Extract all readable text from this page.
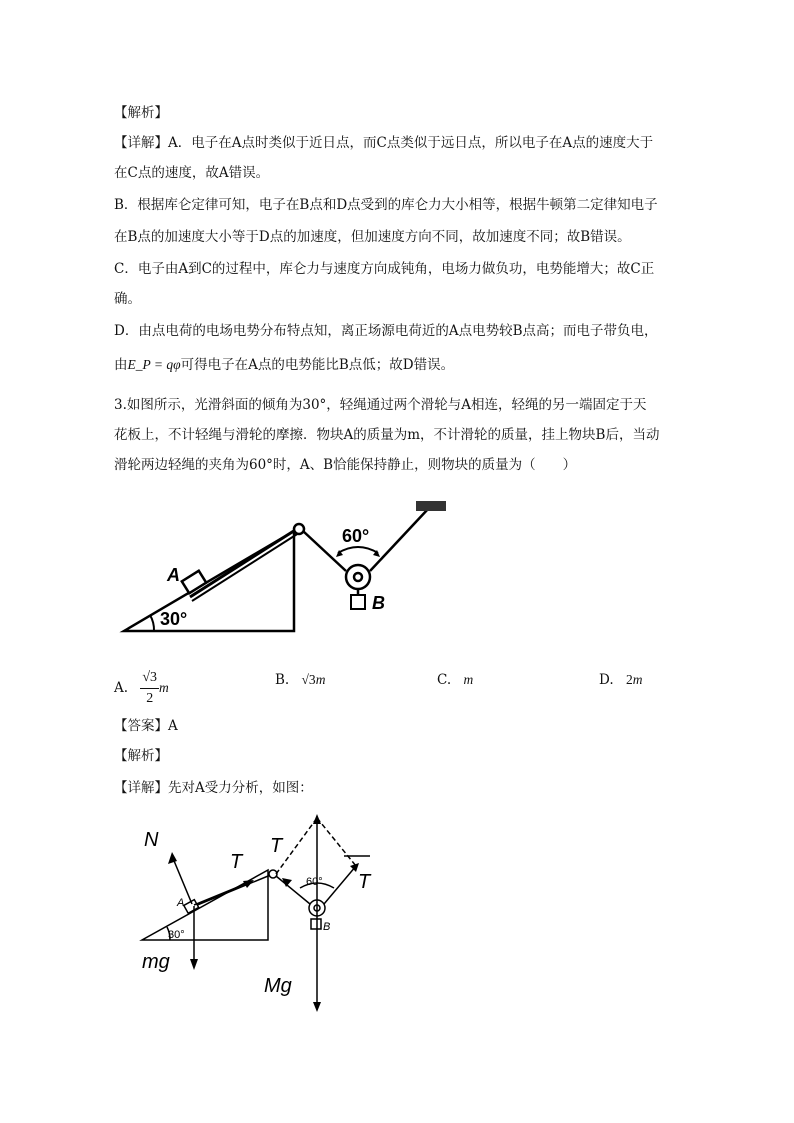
【解析】
【详解】A．电子在A点时类似于近日点，而C点类似于远日点，所以电子在A点的速度大于
在C点的速度，故A错误。
B．根据库仑定律可知，电子在B点和D点受到的库仑力大小相等，根据牛顿第二定律知电子
在B点的加速度大小等于D点的加速度，但加速度方向不同，故加速度不同；故B错误。
C．电子由A到C的过程中，库仑力与速度方向成钝角，电场力做负功，电势能增大；故C正
确。
D．由点电荷的电场电势分布特点知，离正场源电荷近的A点电势较B点高；而电子带负电，
由E_P = qφ可得电子在A点的电势能比B点低；故D错误。
3.如图所示，光滑斜面的倾角为30°，轻绳通过两个滑轮与A相连，轻绳的另一端固定于天
花板上，不计轻绳与滑轮的摩擦．物块A的质量为m，不计滑轮的质量，挂上物块B后，当动
滑轮两边轻绳的夹角为60°时，A、B恰能保持静止，则物块的质量为（　　）
A
B
30°
60°
A. $\frac{√3}{2}$ m	B. √3m	C. m	D. 2m
【答案】A
【解析】
【详解】先对A受力分析，如图：
N
T
T
T
A
30°
60°
B
mg
Mg
